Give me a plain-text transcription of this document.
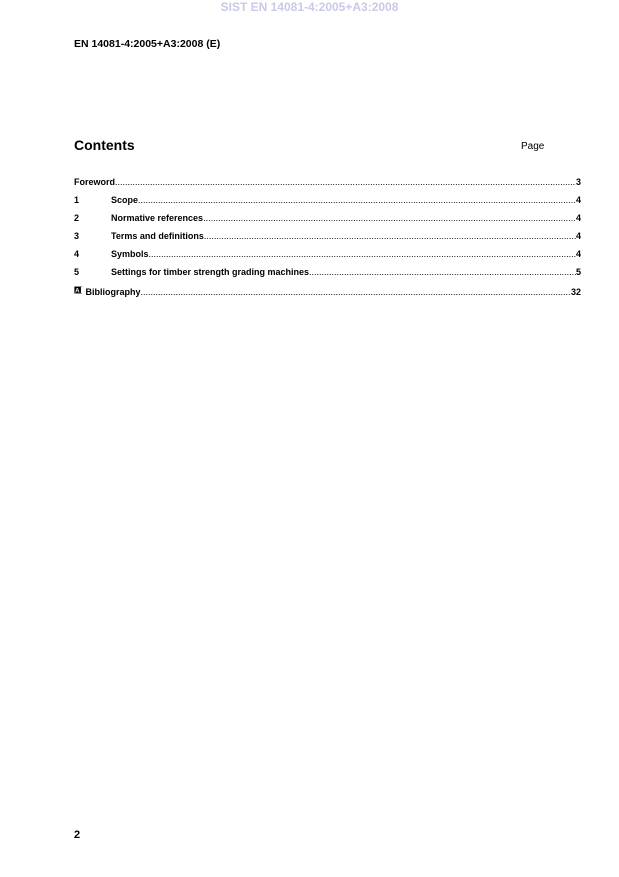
SIST EN 14081-4:2005+A3:2008
EN 14081-4:2005+A3:2008 (E)
Contents	Page
Foreword .....	3
1	Scope .....	4
2	Normative references .....	4
3	Terms and definitions .....	4
4	Symbols .....	4
5	Settings for timber strength grading machines .....	5
A Bibliography .....	32
2
